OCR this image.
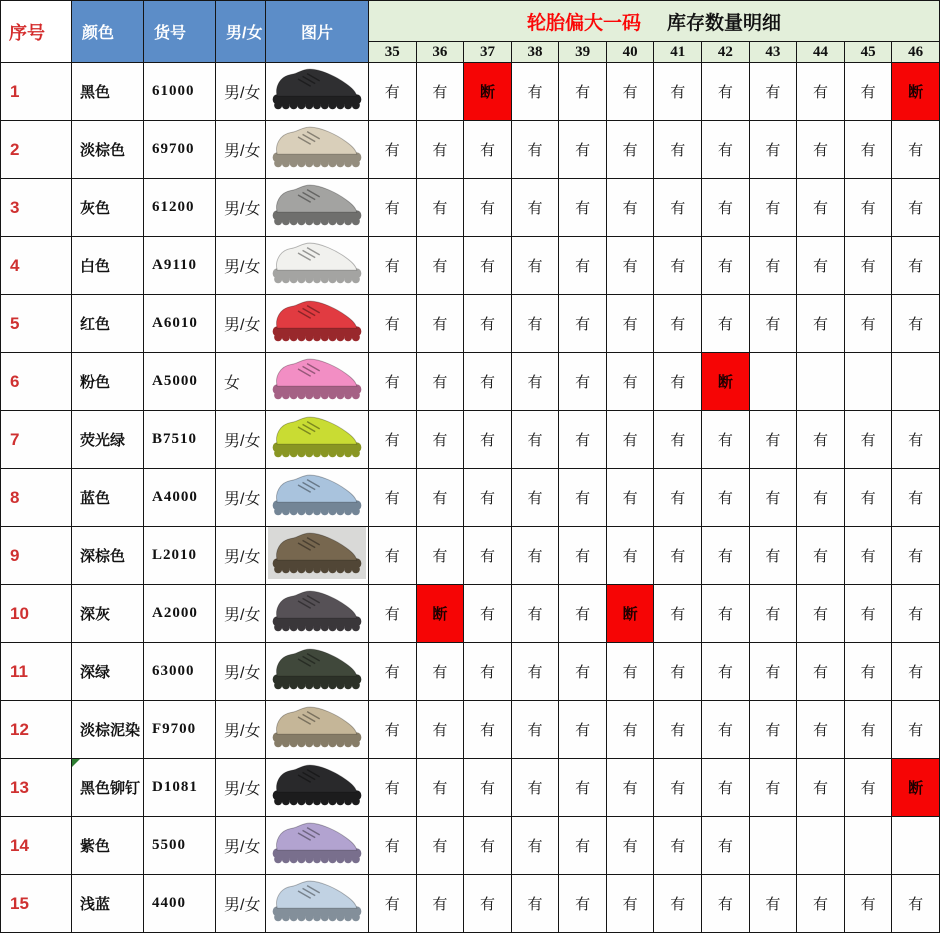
序号	颜色	货号	男/女	图片	轮胎偏大一码 库存数量明细											
					35	36	37	38	39	40	41	42	43	44	45	46
1	黑色	61000	男/女		有	有	断	有	有	有	有	有	有	有	有	断
2	淡棕色	69700	男/女		有	有	有	有	有	有	有	有	有	有	有	有
3	灰色	61200	男/女		有	有	有	有	有	有	有	有	有	有	有	有
4	白色	A9110	男/女		有	有	有	有	有	有	有	有	有	有	有	有
5	红色	A6010	男/女		有	有	有	有	有	有	有	有	有	有	有	有
6	粉色	A5000	女		有	有	有	有	有	有	有	断				
7	荧光绿	B7510	男/女		有	有	有	有	有	有	有	有	有	有	有	有
8	蓝色	A4000	男/女		有	有	有	有	有	有	有	有	有	有	有	有
9	深棕色	L2010	男/女		有	有	有	有	有	有	有	有	有	有	有	有
10	深灰	A2000	男/女		有	断	有	有	有	断	有	有	有	有	有	有
11	深绿	63000	男/女		有	有	有	有	有	有	有	有	有	有	有	有
12	淡棕泥染	F9700	男/女		有	有	有	有	有	有	有	有	有	有	有	有
13	黑色铆钉	D1081	男/女		有	有	有	有	有	有	有	有	有	有	有	断
14	紫色	5500	男/女		有	有	有	有	有	有	有	有				
15	浅蓝	4400	男/女		有	有	有	有	有	有	有	有	有	有	有	有
